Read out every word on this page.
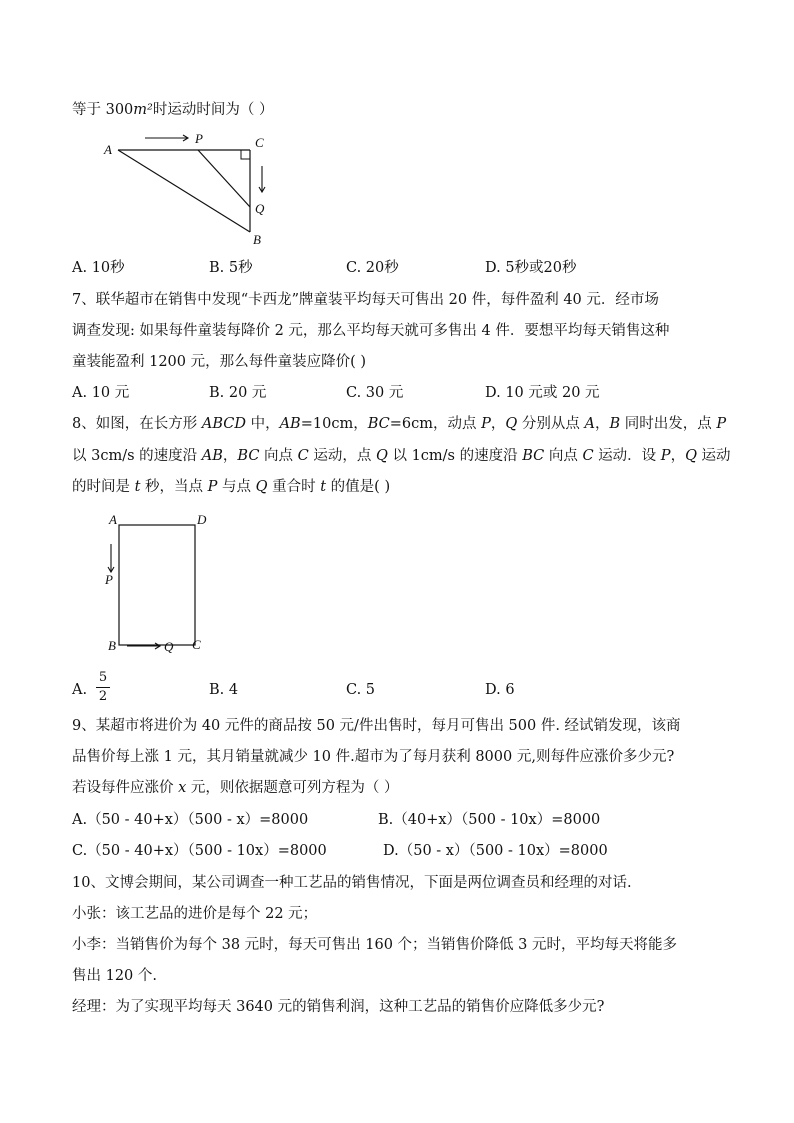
等于 300m²时运动时间为（ ）
A
P	C
Q
B
A. 10秒	B. 5秒	C. 20秒	D. 5秒或20秒
7、联华超市在销售中发现“卡西龙”牌童装平均每天可售出 20 件，每件盈利 40 元．经市场
调查发现: 如果每件童装每降价 2 元，那么平均每天就可多售出 4 件．要想平均每天销售这种
童装能盈利 1200 元，那么每件童装应降价( )
A. 10 元	B. 20 元	C. 30 元	D. 10 元或 20 元
8、如图，在长方形 ABCD 中，AB=10cm，BC=6cm，动点 P，Q 分别从点 A，B 同时出发，点 P
以 3cm/s 的速度沿 AB，BC 向点 C 运动，点 Q 以 1cm/s 的速度沿 BC 向点 C 运动．设 P，Q 运动
的时间是 t 秒，当点 P 与点 Q 重合时 t 的值是( )
A	D
P
B	Q C
A.
5
2	B. 4	C. 5	D. 6
9、某超市将进价为 40 元件的商品按 50 元/件出售时，每月可售出 500 件. 经试销发现，该商
品售价每上涨 1 元，其月销量就减少 10 件.超市为了每月获利 8000 元,则每件应涨价多少元?
若设每件应涨价 x 元，则依据题意可列方程为（ ）
A.（50 - 40+x）（500 - x）=8000	B.（40+x）（500 - 10x）=8000
C.（50 - 40+x）（500 - 10x）=8000	D.（50 - x）（500 - 10x）=8000
10、文博会期间，某公司调查一种工艺品的销售情况，下面是两位调查员和经理的对话.
小张：该工艺品的进价是每个 22 元；
小李：当销售价为每个 38 元时，每天可售出 160 个；当销售价降低 3 元时，平均每天将能多
售出 120 个.
经理：为了实现平均每天 3640 元的销售利润，这种工艺品的销售价应降低多少元?
